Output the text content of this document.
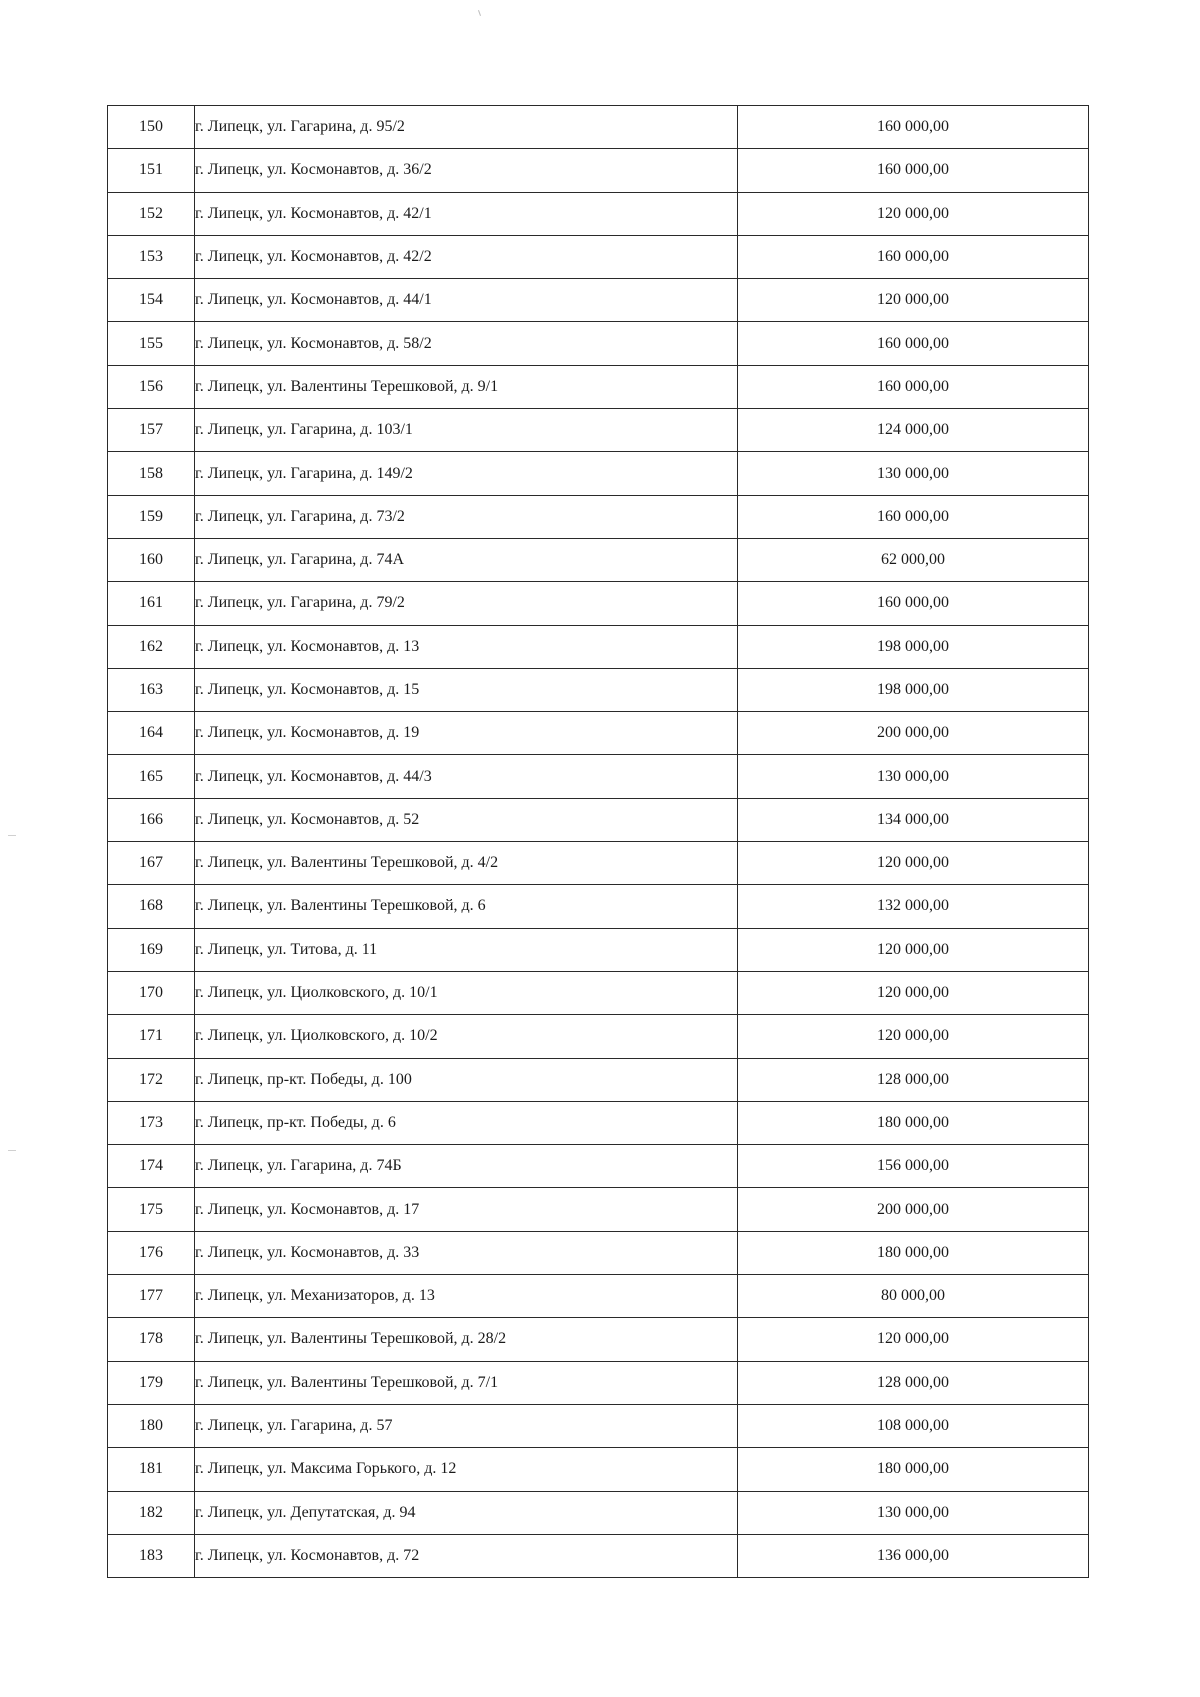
150	г. Липецк, ул. Гагарина, д. 95/2	160 000,00
151	г. Липецк, ул. Космонавтов, д. 36/2	160 000,00
152	г. Липецк, ул. Космонавтов, д. 42/1	120 000,00
153	г. Липецк, ул. Космонавтов, д. 42/2	160 000,00
154	г. Липецк, ул. Космонавтов, д. 44/1	120 000,00
155	г. Липецк, ул. Космонавтов, д. 58/2	160 000,00
156	г. Липецк, ул. Валентины Терешковой, д. 9/1	160 000,00
157	г. Липецк, ул. Гагарина, д. 103/1	124 000,00
158	г. Липецк, ул. Гагарина, д. 149/2	130 000,00
159	г. Липецк, ул. Гагарина, д. 73/2	160 000,00
160	г. Липецк, ул. Гагарина, д. 74А	62 000,00
161	г. Липецк, ул. Гагарина, д. 79/2	160 000,00
162	г. Липецк, ул. Космонавтов, д. 13	198 000,00
163	г. Липецк, ул. Космонавтов, д. 15	198 000,00
164	г. Липецк, ул. Космонавтов, д. 19	200 000,00
165	г. Липецк, ул. Космонавтов, д. 44/3	130 000,00
166	г. Липецк, ул. Космонавтов, д. 52	134 000,00
167	г. Липецк, ул. Валентины Терешковой, д. 4/2	120 000,00
168	г. Липецк, ул. Валентины Терешковой, д. 6	132 000,00
169	г. Липецк, ул. Титова, д. 11	120 000,00
170	г. Липецк, ул. Циолковского, д. 10/1	120 000,00
171	г. Липецк, ул. Циолковского, д. 10/2	120 000,00
172	г. Липецк, пр-кт. Победы, д. 100	128 000,00
173	г. Липецк, пр-кт. Победы, д. 6	180 000,00
174	г. Липецк, ул. Гагарина, д. 74Б	156 000,00
175	г. Липецк, ул. Космонавтов, д. 17	200 000,00
176	г. Липецк, ул. Космонавтов, д. 33	180 000,00
177	г. Липецк, ул. Механизаторов, д. 13	80 000,00
178	г. Липецк, ул. Валентины Терешковой, д. 28/2	120 000,00
179	г. Липецк, ул. Валентины Терешковой, д. 7/1	128 000,00
180	г. Липецк, ул. Гагарина, д. 57	108 000,00
181	г. Липецк, ул. Максима Горького, д. 12	180 000,00
182	г. Липецк, ул. Депутатская, д. 94	130 000,00
183	г. Липецк, ул. Космонавтов, д. 72	136 000,00
